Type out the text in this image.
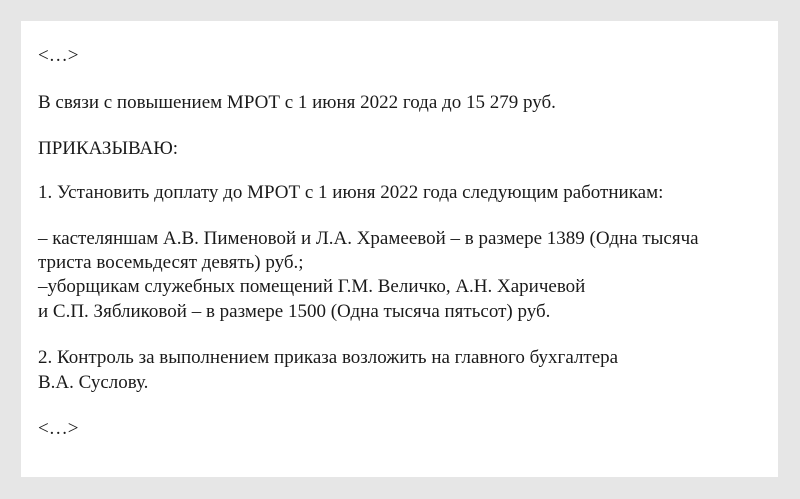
<…>

В связи с повышением МРОТ с 1 июня 2022 года до 15 279 руб.

ПРИКАЗЫВАЮ:

1. Установить доплату до МРОТ с 1 июня 2022 года следующим работникам:

– кастеляншам А.В. Пименовой и Л.А. Храмеевой – в размере 1389 (Одна тысяча

триста восемьдесят девять) руб.;

–уборщикам служебных помещений Г.М. Величко, А.Н. Харичевой

и С.П. Зябликовой – в размере 1500 (Одна тысяча пятьсот) руб.

2. Контроль за выполнением приказа возложить на главного бухгалтера

В.А. Суслову.

<…>
